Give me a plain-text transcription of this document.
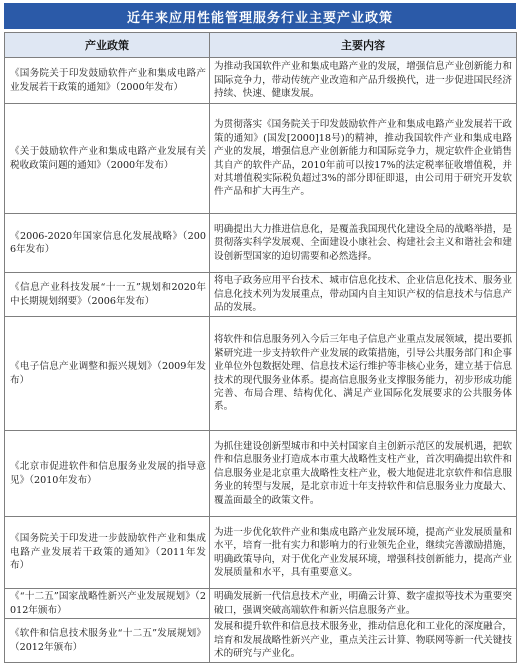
近年来应用性能管理服务行业主要产业政策
产业政策	主要内容
《国务院关于印发鼓励软件产业和集成电路产业发展若干政策的通知》（2000年发布）	为推动我国软件产业和集成电路产业的发展，增强信息产业创新能力和国际竞争力，带动传统产业改造和产品升级换代，进一步促进国民经济持续、快速、健康发展。
《关于鼓励软件产业和集成电路产业发展有关税收政策问题的通知》（2000年发布）	为贯彻落实《国务院关于印发鼓励软件产业和集成电路产业发展若干政策的通知》(国发[2000]18号)的精神，推动我国软件产业和集成电路产业的发展，增强信息产业创新能力和国际竞争力，规定软件企业销售其自产的软件产品，2010年前可以按17%的法定税率征收增值税，并对其增值税实际税负超过3%的部分即征即退，由公司用于研究开发软件产品和扩大再生产。
《2006-2020年国家信息化发展战略》（2006年发布）	明确提出大力推进信息化，是覆盖我国现代化建设全局的战略举措，是贯彻落实科学发展观、全面建设小康社会、构建社会主义和谐社会和建设创新型国家的迫切需要和必然选择。
《信息产业科技发展“十一五”规划和2020年中长期规划纲要》（2006年发布）	将电子政务应用平台技术、城市信息化技术、企业信息化技术、服务业信息化技术列为发展重点，带动国内自主知识产权的信息技术与信息产品的发展。
《电子信息产业调整和振兴规划》（2009年发布）	将软件和信息服务列入今后三年电子信息产业重点发展领域，提出要抓紧研究进一步支持软件产业发展的政策措施，引导公共服务部门和企事业单位外包数据处理、信息技术运行维护等非核心业务，建立基于信息技术的现代服务业体系。提高信息服务业支撑服务能力，初步形成功能完善、布局合理、结构优化、满足产业国际化发展要求的公共服务体系。
《北京市促进软件和信息服务业发展的指导意见》（2010年发布）	为抓住建设创新型城市和中关村国家自主创新示范区的发展机遇，把软件和信息服务业打造成本市重大战略性支柱产业，首次明确提出软件和信息服务业是北京重大战略性支柱产业，极大地促进北京软件和信息服务业的转型与发展，是北京市近十年支持软件和信息服务业力度最大、覆盖面最全的政策文件。
《国务院关于印发进一步鼓励软件产业和集成电路产业发展若干政策的通知》（2011年发布）	为进一步优化软件产业和集成电路产业发展环境，提高产业发展质量和水平，培育一批有实力和影响力的行业领先企业，继续完善激励措施，明确政策导向，对于优化产业发展环境，增强科技创新能力，提高产业发展质量和水平，具有重要意义。
《“十二五”国家战略性新兴产业发展规划》（2012年颁布）	明确发展新一代信息技术产业，明确云计算、数字虚拟等技术为重要突破口，强调突破高端软件和新兴信息服务产业。
《软件和信息技术服务业“十二五”发展规划》（2012年颁布）	发展和提升软件和信息技术服务业，推动信息化和工业化的深度融合，培育和发展战略性新兴产业，重点关注云计算、物联网等新一代关键技术的研究与产业化。
